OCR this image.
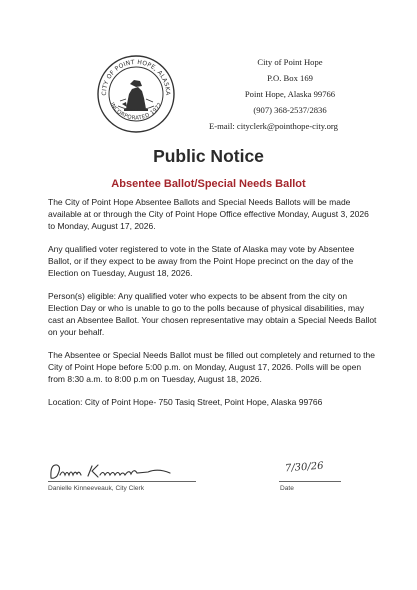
CITY OF POINT HOPE, ALASKA
INCORPORATED 1972
City of Point Hope
P.O. Box 169
Point Hope, Alaska 99766
(907) 368-2537/2836
E-mail: cityclerk@pointhope-city.org
Public Notice
Absentee Ballot/Special Needs Ballot

The City of Point Hope Absentee Ballots and Special Needs Ballots will be made available at or through the City of Point Hope Office effective Monday, August 3, 2026 to Monday, August 17, 2026.

Any qualified voter registered to vote in the State of Alaska may vote by Absentee Ballot, or if they expect to be away from the Point Hope precinct on the day of the Election on Tuesday, August 18, 2026.

Person(s) eligible: Any qualified voter who expects to be absent from the city on Election Day or who is unable to go to the polls because of physical disabilities, may cast an Absentee Ballot. Your chosen representative may obtain a Special Needs Ballot on your behalf.

The Absentee or Special Needs Ballot must be filled out completely and returned to the City of Point Hope before 5:00 p.m. on Monday, August 17, 2026. Polls will be open from 8:30 a.m. to 8:00 p.m on Tuesday, August 18, 2026.

Location: City of Point Hope- 750 Tasiq Street, Point Hope, Alaska 99766

Danielle Kinneeveauk, City Clerk
7/30/26
Date
